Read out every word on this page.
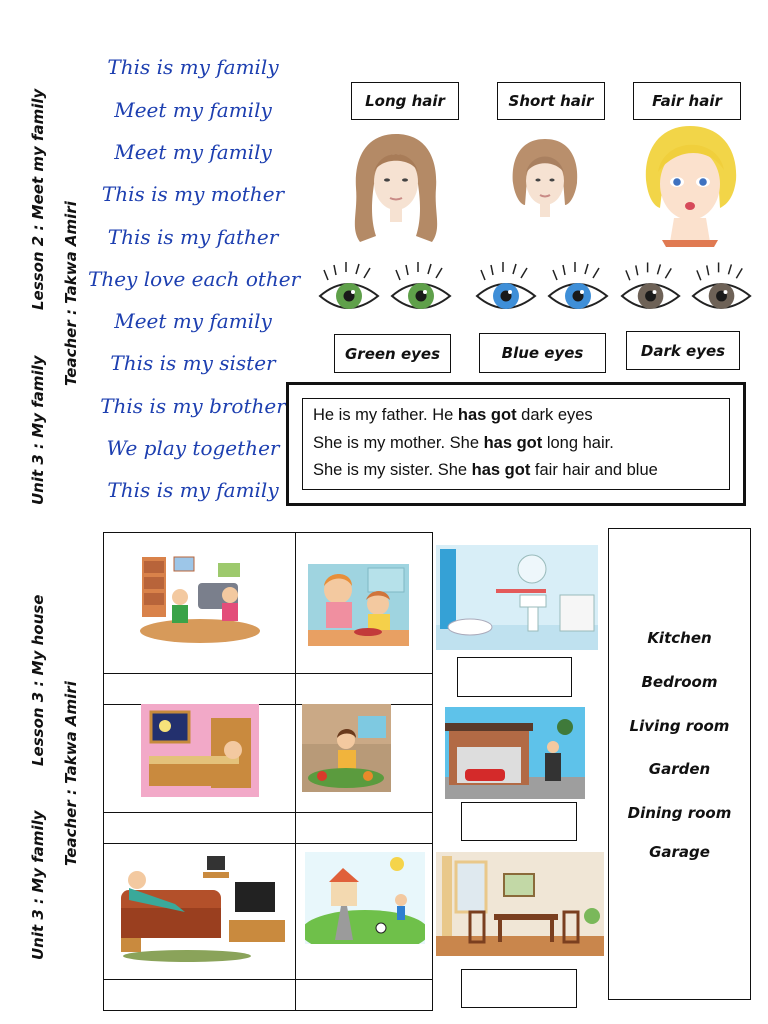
Lesson 2 : Meet my family
Unit 3 : My family
Teacher : Takwa Amiri
Lesson 3 : My house
Unit 3 : My family
Teacher : Takwa Amiri
This is my family
Meet my family
Meet my family
This is my mother
This is my father
They love each other
Meet my family
This is my sister
This is my brother
We play together
This is my family
Long hair	Short hair	Fair hair
Green eyes	Blue eyes	Dark eyes
He is my father. He has got dark eyes
She is my mother. She has got long hair.
She is my sister. She has got fair hair and blue
Kitchen
Bedroom
Living room
Garden
Dining room
Garage
